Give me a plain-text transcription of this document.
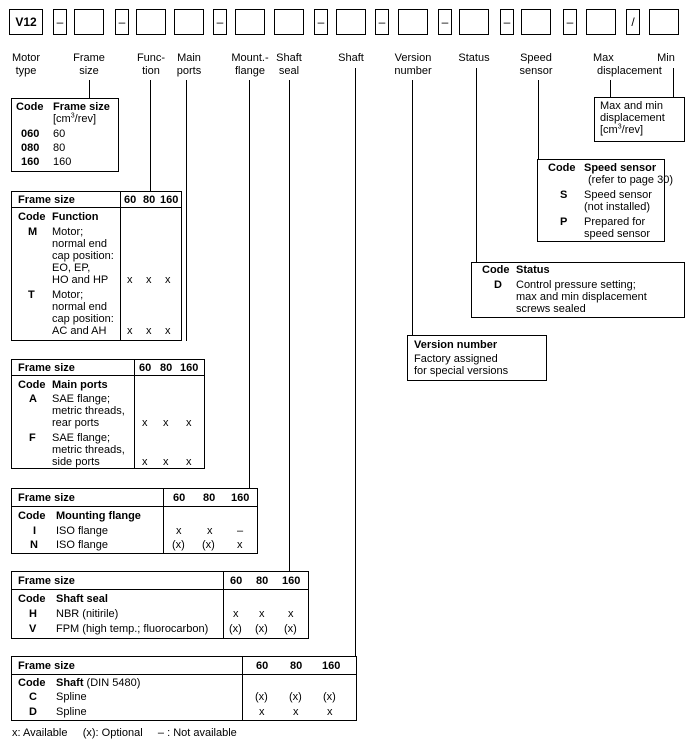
V12	–	–	–	–	–	–	–	–	/
Motor
type
Frame
size
Func-
tion
Main
ports
Mount.-
flange
Shaft
seal
Shaft	Version
number
Status	Speed
sensor
Max
displacement
Min
Code Frame size
$[cm^3/rev]$
060 60
080 80
160 160
Max and min
displacement
$[cm^3/rev]$
Code Speed sensor
(refer to page 30)
S Speed sensor
(not installed)
P Prepared for
speed sensor
Code Status
D Control pressure setting;
max and min displacement
screws sealed
Version number
Factory assigned
for special versions
Frame size	60 80 160
Code Function
M Motor;
normal end
cap position:
EO, EP,
HO and HP x x x
T Motor;
normal end
cap position:
AC and AH x x x
Frame size	60 80 160
Code Main ports
A SAE flange;
metric threads,
rear ports	x x x
F SAE flange;
metric threads,
side ports	x x x
Frame size	60 80 160
Code Mounting flange
I ISO flange	x x –
N ISO flange	(x) (x) x
Frame size	60 80 160
Code Shaft seal
H NBR (nitirile)	x x x
V FPM (high temp.; fluorocarbon) (x) (x) (x)
Frame size	60 80 160
Code Shaft (DIN 5480)
C Spline	(x) (x) (x)
D Spline	x	x	x
x: Available     (x): Optional     – : Not available
